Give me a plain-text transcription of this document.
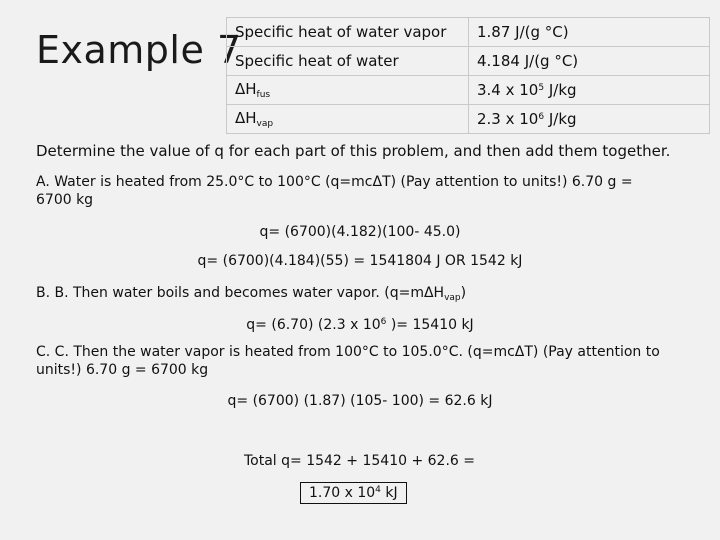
Example 7
Specific heat of water vapor	1.87 J/(g °C)
Specific heat of water	4.184 J/(g °C)
$\Delta H_{fus}$	3.4 x $10^5$ J/kg
$\Delta H_{vap}$	2.3 x $10^6$ J/kg
Determine the value of q for each part of this problem, and then add them together.
A. Water is heated from 25.0°C to 100°C (q=mcΔT) (Pay attention to units!) 6.70 g = 6700 kg
q= (6700)(4.182)(100- 45.0)
q= (6700)(4.184)(55) = 1541804 J OR 1542 kJ
B. B. Then water boils and becomes water vapor. (q=mΔH$_{vap}$)
q= (6.70) (2.3 x $10^6$ )= 15410 kJ
C. C. Then the water vapor is heated from 100°C to 105.0°C. (q=mcΔT) (Pay attention to units!) 6.70 g = 6700 kg
q= (6700) (1.87) (105- 100) = 62.6 kJ
Total q= 1542 + 15410 + 62.6 =
1.70 x $10^4$ kJ
